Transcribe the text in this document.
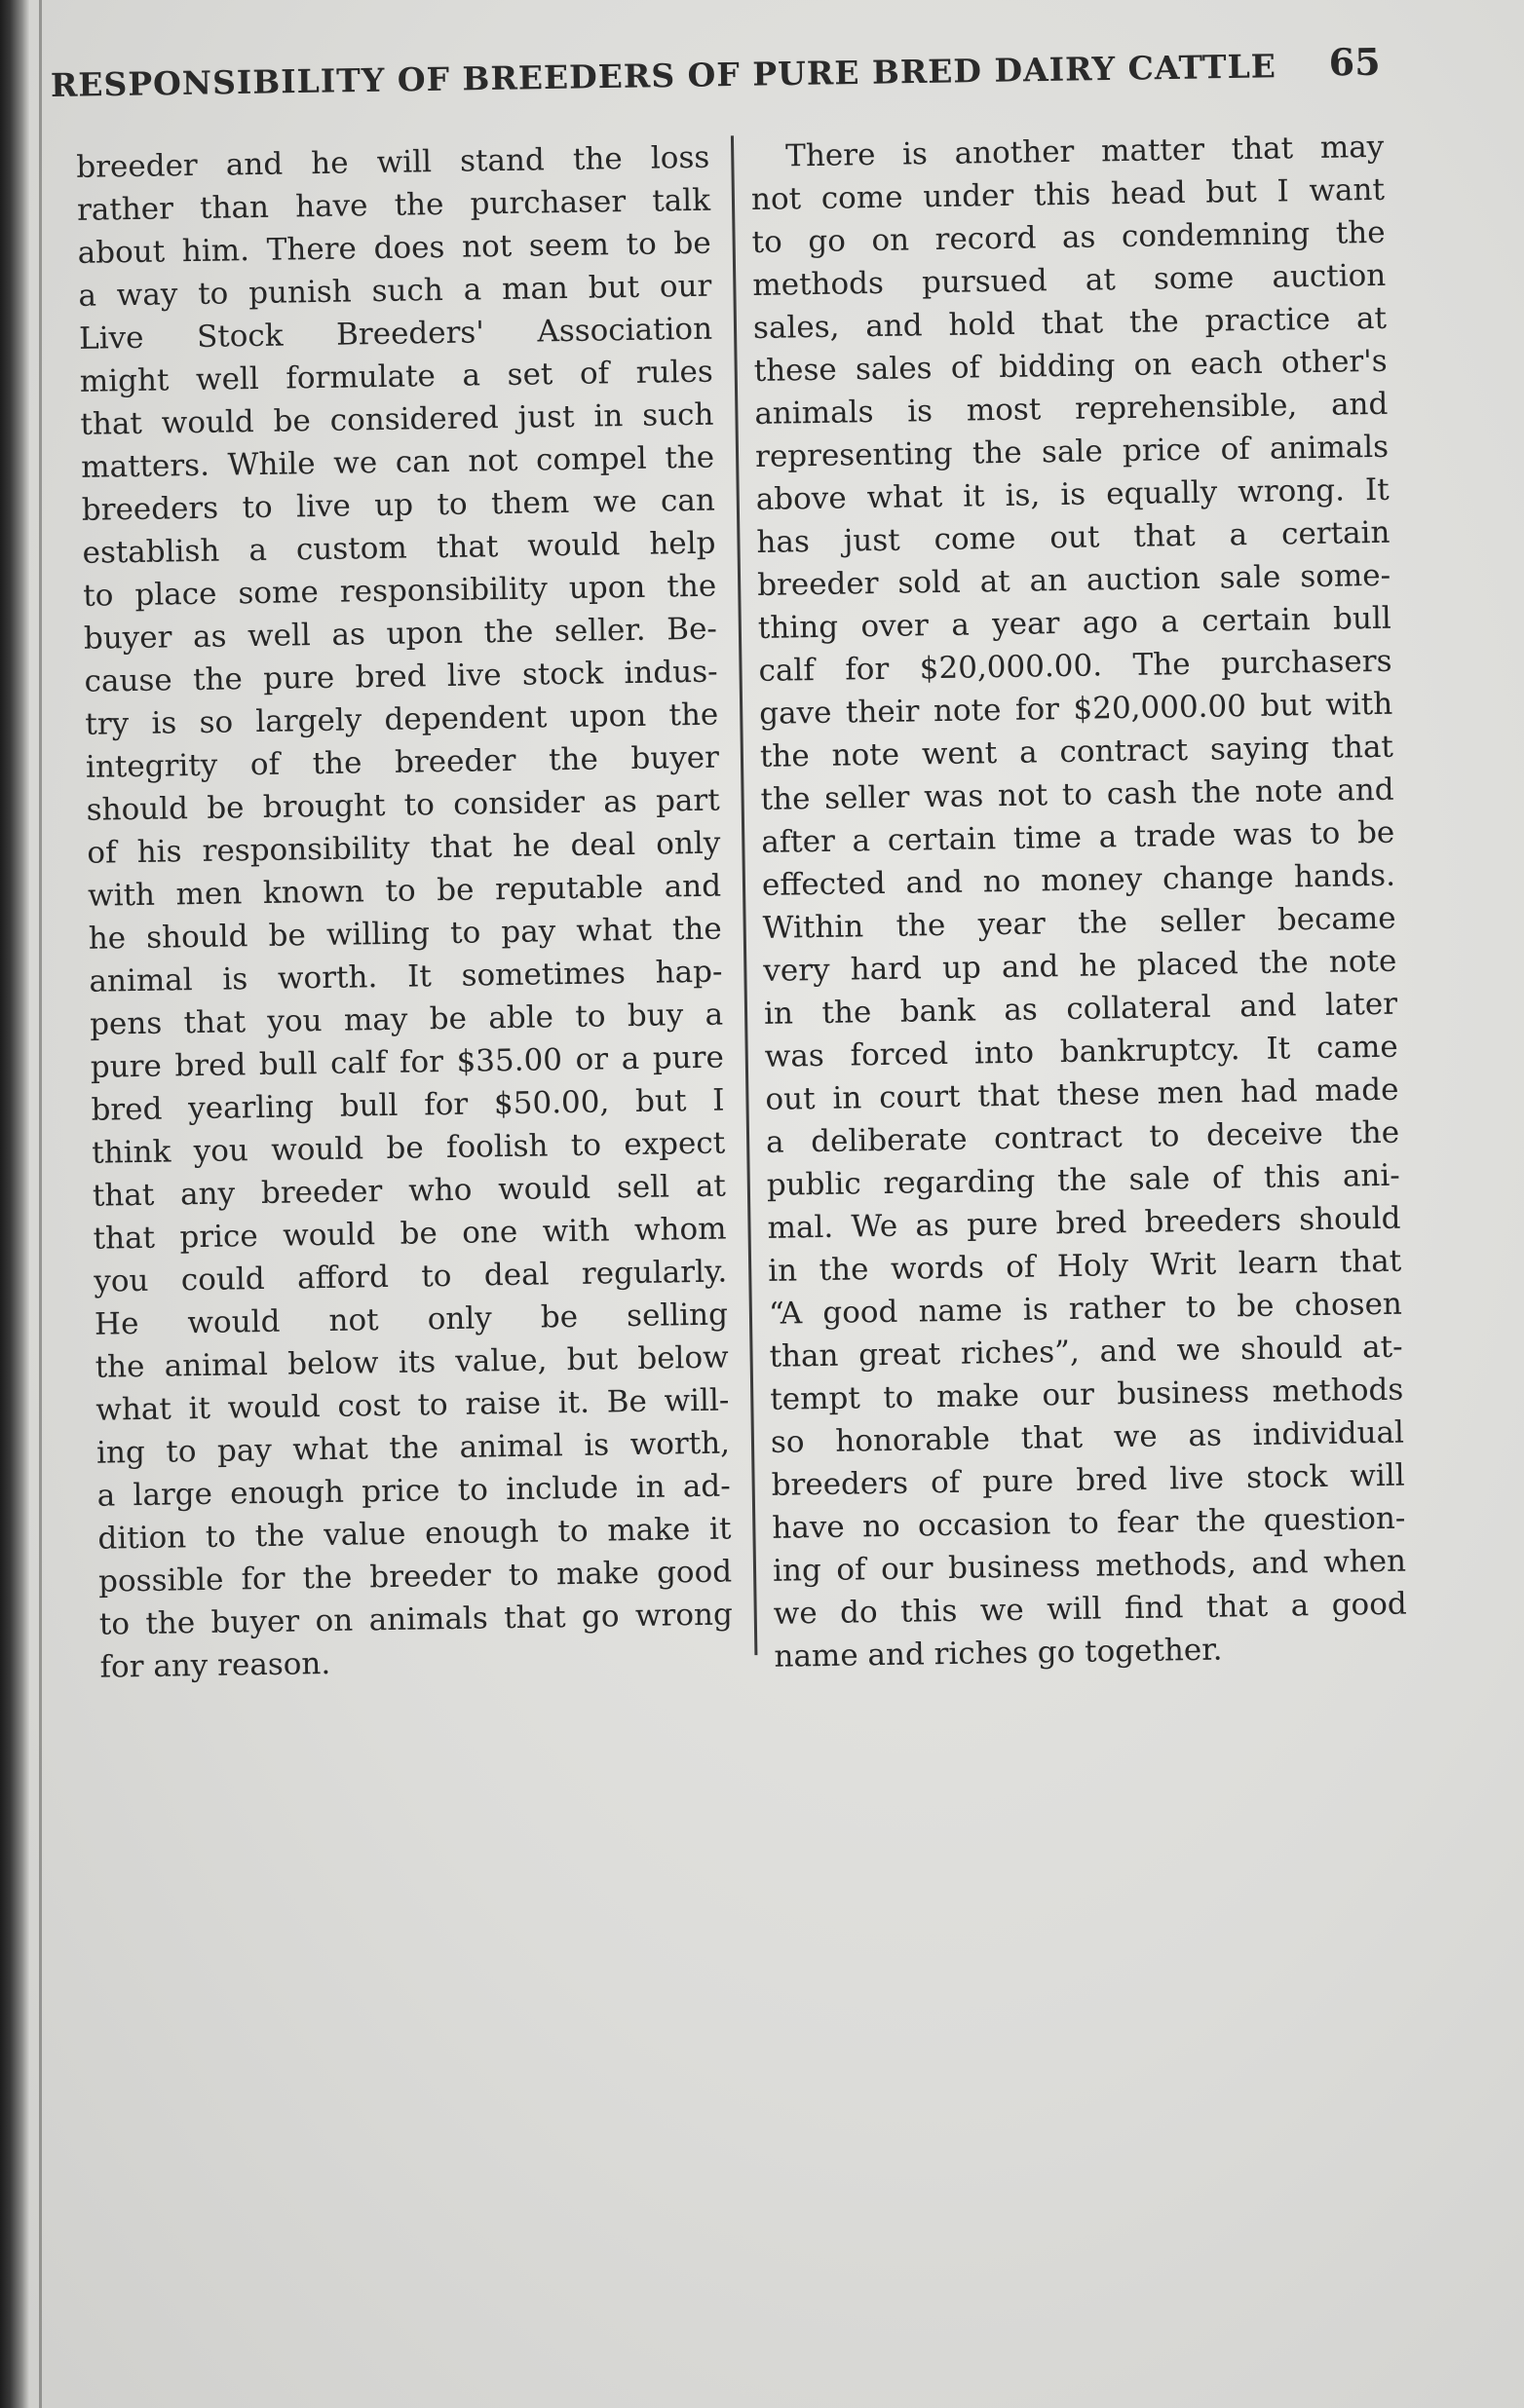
RESPONSIBILITY OF BREEDERS OF PURE BRED DAIRY CATTLE 65
breeder and he will stand the loss
rather than have the purchaser talk
about him. There does not seem to be
a way to punish such a man but our
Live Stock Breeders' Association
might well formulate a set of rules
that would be considered just in such
matters. While we can not compel the
breeders to live up to them we can
establish a custom that would help
to place some responsibility upon the
buyer as well as upon the seller. Be-
cause the pure bred live stock indus-
try is so largely dependent upon the
integrity of the breeder the buyer
should be brought to consider as part
of his responsibility that he deal only
with men known to be reputable and
he should be willing to pay what the
animal is worth. It sometimes hap-
pens that you may be able to buy a
pure bred bull calf for $35.00 or a pure
bred yearling bull for $50.00, but I
think you would be foolish to expect
that any breeder who would sell at
that price would be one with whom
you could afford to deal regularly.
He would not only be selling
the animal below its value, but below
what it would cost to raise it. Be will-
ing to pay what the animal is worth,
a large enough price to include in ad-
dition to the value enough to make it
possible for the breeder to make good
to the buyer on animals that go wrong
for any reason.
There is another matter that may
not come under this head but I want
to go on record as condemning the
methods pursued at some auction
sales, and hold that the practice at
these sales of bidding on each other's
animals is most reprehensible, and
representing the sale price of animals
above what it is, is equally wrong. It
has just come out that a certain
breeder sold at an auction sale some-
thing over a year ago a certain bull
calf for $20,000.00. The purchasers
gave their note for $20,000.00 but with
the note went a contract saying that
the seller was not to cash the note and
after a certain time a trade was to be
effected and no money change hands.
Within the year the seller became
very hard up and he placed the note
in the bank as collateral and later
was forced into bankruptcy. It came
out in court that these men had made
a deliberate contract to deceive the
public regarding the sale of this ani-
mal. We as pure bred breeders should
in the words of Holy Writ learn that
“A good name is rather to be chosen
than great riches”, and we should at-
tempt to make our business methods
so honorable that we as individual
breeders of pure bred live stock will
have no occasion to fear the question-
ing of our business methods, and when
we do this we will find that a good
name and riches go together.
